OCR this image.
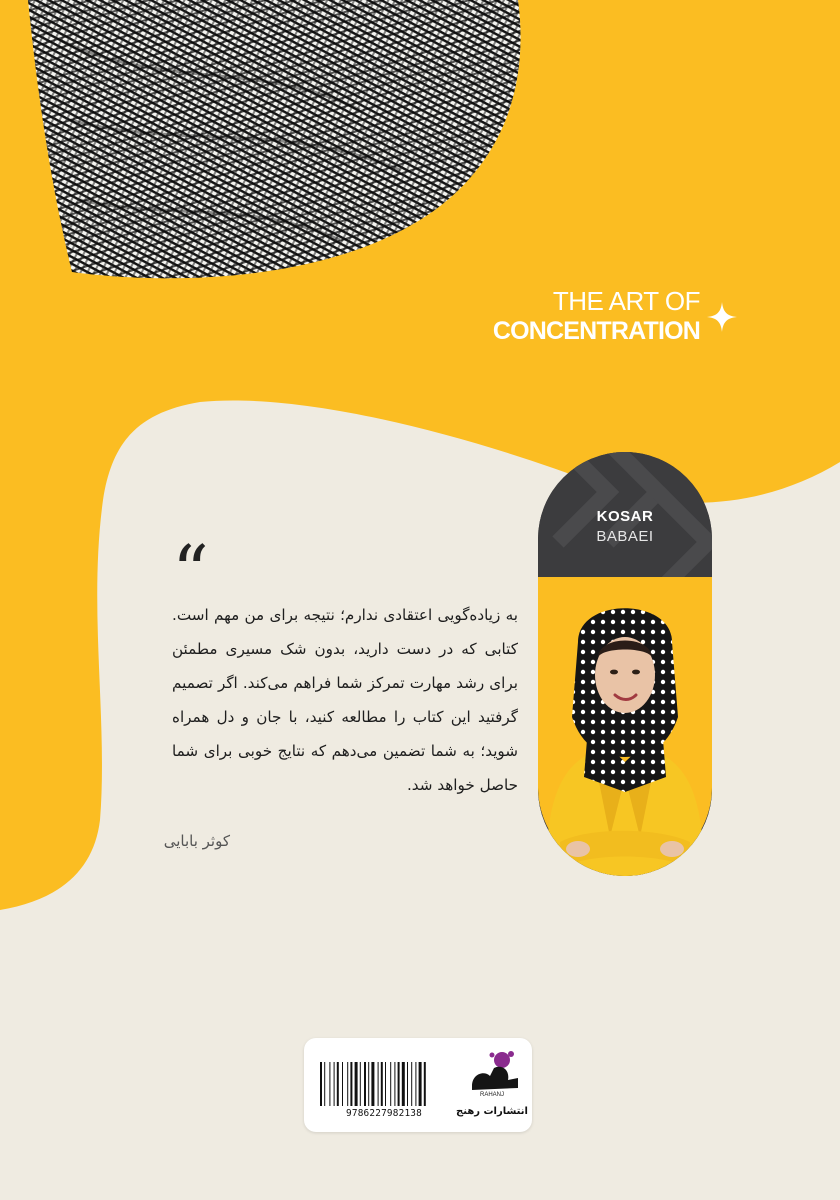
THE ART OF
CONCENTRATION
KOSAR
BABAEI
“

به زیاده‌گویی اعتقادی ندارم؛ نتیجه برای من مهم است. کتابی که در دست دارید، بدون شک مسیری مطمئن برای رشد مهارت تمرکز شما فراهم می‌کند. اگر تصمیم گرفتید این کتاب را مطالعه کنید، با جان و دل همراه شوید؛ به شما تضمین می‌دهم که نتایج خوبی برای شما حاصل خواهد شد.

کوثر بابایی
9786227982138
RAHANJ
انتشارات رهنج
